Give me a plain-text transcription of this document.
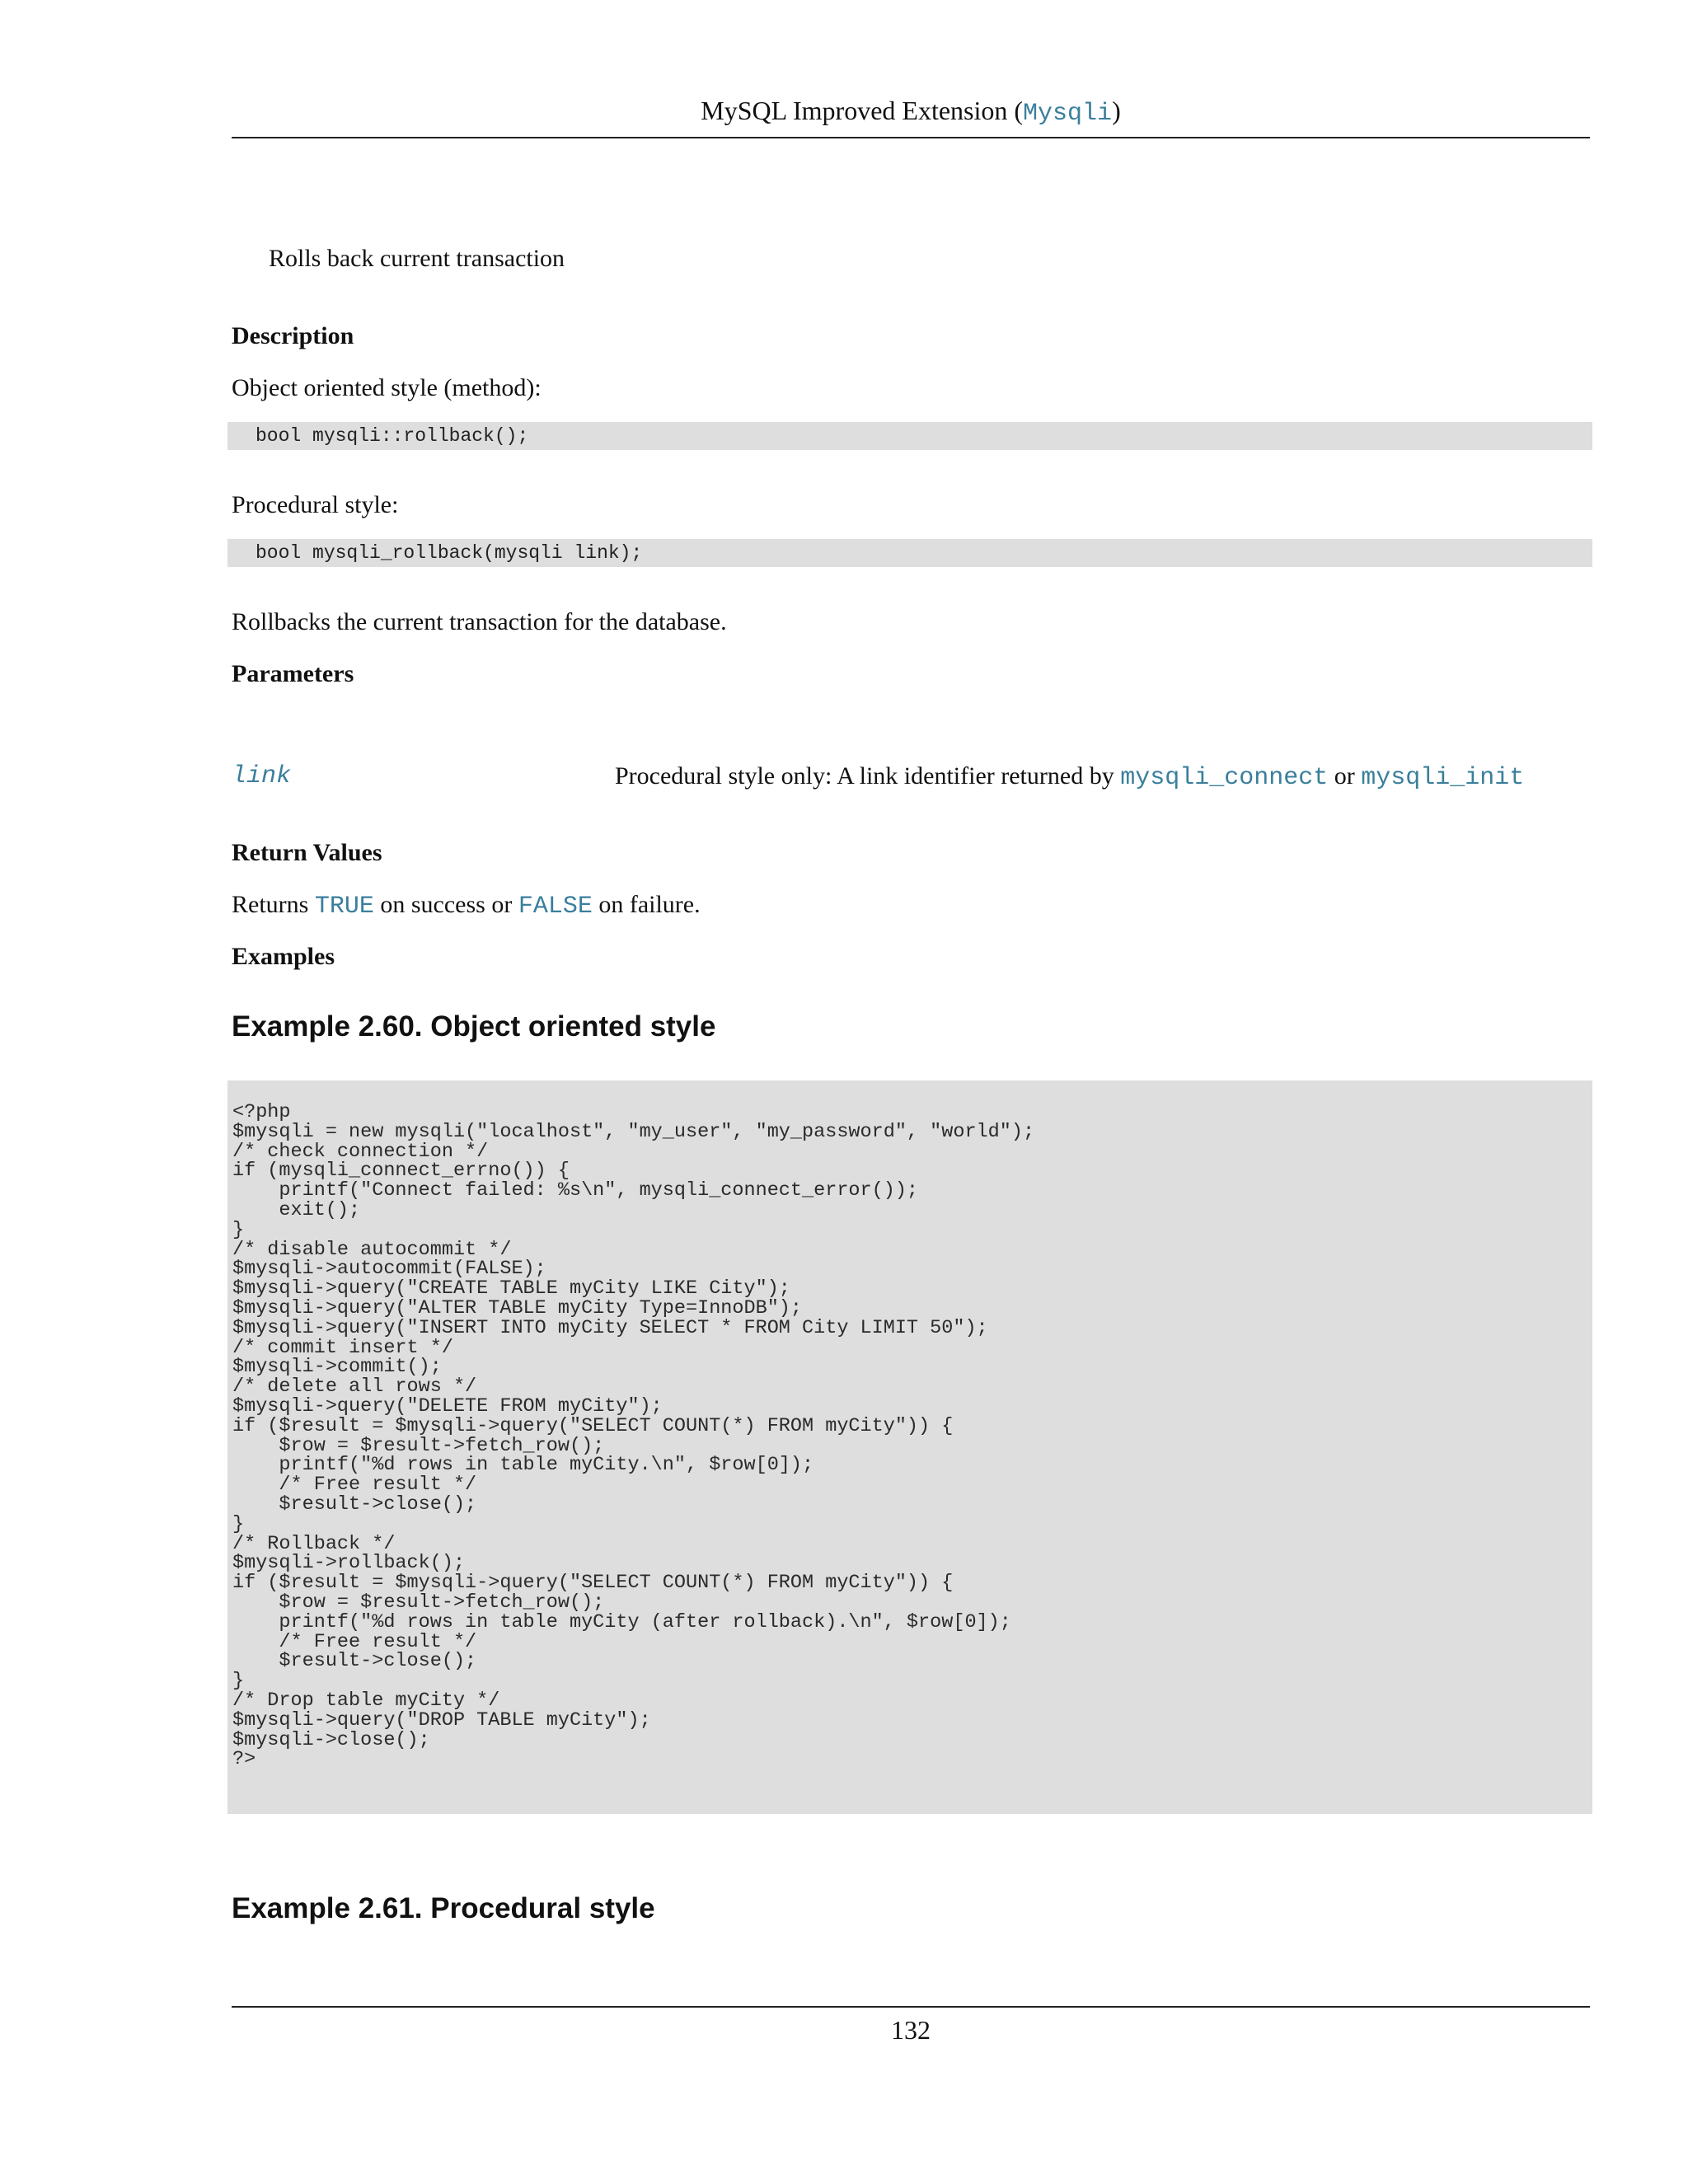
MySQL Improved Extension (Mysqli)
Rolls back current transaction
Description
Object oriented style (method):
bool mysqli::rollback();
Procedural style:
bool mysqli_rollback(mysqli link);
Rollbacks the current transaction for the database.
Parameters
link	Procedural style only: A link identifier returned by mysqli_connect or mysqli_init
Return Values
Returns TRUE on success or FALSE on failure.
Examples
Example 2.60. Object oriented style
<?php
$mysqli = new mysqli("localhost", "my_user", "my_password", "world");
/* check connection */
if (mysqli_connect_errno()) {
printf("Connect failed: %s\n", mysqli_connect_error());
exit();
}
/* disable autocommit */
$mysqli->autocommit(FALSE);
$mysqli->query("CREATE TABLE myCity LIKE City");
$mysqli->query("ALTER TABLE myCity Type=InnoDB");
$mysqli->query("INSERT INTO myCity SELECT * FROM City LIMIT 50");
/* commit insert */
$mysqli->commit();
/* delete all rows */
$mysqli->query("DELETE FROM myCity");
if ($result = $mysqli->query("SELECT COUNT(*) FROM myCity")) {
$row = $result->fetch_row();
printf("%d rows in table myCity.\n", $row[0]);
/* Free result */
$result->close();
}
/* Rollback */
$mysqli->rollback();
if ($result = $mysqli->query("SELECT COUNT(*) FROM myCity")) {
$row = $result->fetch_row();
printf("%d rows in table myCity (after rollback).\n", $row[0]);
/* Free result */
$result->close();
}
/* Drop table myCity */
$mysqli->query("DROP TABLE myCity");
$mysqli->close();
?>
Example 2.61. Procedural style
132
